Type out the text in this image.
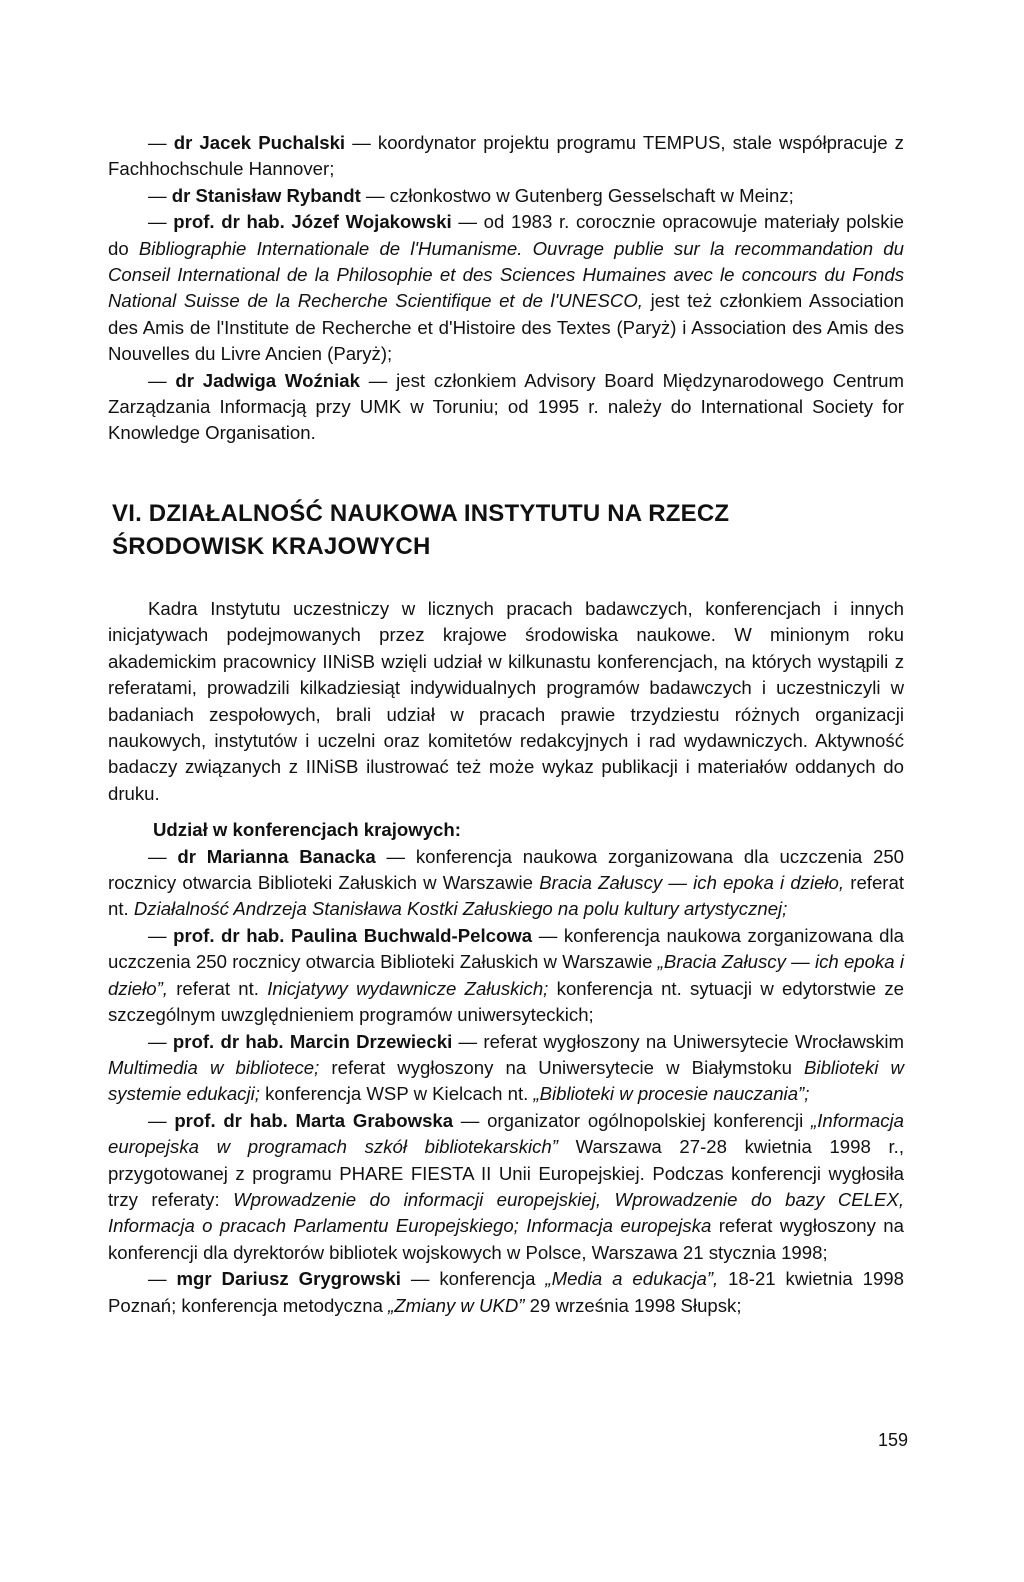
— dr Jacek Puchalski — koordynator projektu programu TEMPUS, stale współpracuje z Fachhochschule Hannover;

— dr Stanisław Rybandt — członkostwo w Gutenberg Gesselschaft w Meinz;

— prof. dr hab. Józef Wojakowski — od 1983 r. corocznie opracowuje materiały polskie do Bibliographie Internationale de l'Humanisme. Ouvrage publie sur la recommandation du Conseil International de la Philosophie et des Sciences Humaines avec le concours du Fonds National Suisse de la Recherche Scientifique et de l'UNESCO, jest też członkiem Association des Amis de l'Institute de Recherche et d'Histoire des Textes (Paryż) i Association des Amis des Nouvelles du Livre Ancien (Paryż);

— dr Jadwiga Woźniak — jest członkiem Advisory Board Międzynarodowego Centrum Zarządzania Informacją przy UMK w Toruniu; od 1995 r. należy do International Society for Knowledge Organisation.

VI. DZIAŁALNOŚĆ NAUKOWA INSTYTUTU NA RZECZ
ŚRODOWISK KRAJOWYCH

Kadra Instytutu uczestniczy w licznych pracach badawczych, konferencjach i innych inicjatywach podejmowanych przez krajowe środowiska naukowe. W minionym roku akademickim pracownicy IINiSB wzięli udział w kilkunastu konferencjach, na których wystąpili z referatami, prowadzili kilkadziesiąt indywidualnych programów badawczych i uczestniczyli w badaniach zespołowych, brali udział w pracach prawie trzydziestu różnych organizacji naukowych, instytutów i uczelni oraz komitetów redakcyjnych i rad wydawniczych. Aktywność badaczy związanych z IINiSB ilustrować też może wykaz publikacji i materiałów oddanych do druku.

Udział w konferencjach krajowych:

— dr Marianna Banacka — konferencja naukowa zorganizowana dla uczczenia 250 rocznicy otwarcia Biblioteki Załuskich w Warszawie Bracia Załuscy — ich epoka i dzieło, referat nt. Działalność Andrzeja Stanisława Kostki Załuskiego na polu kultury artystycznej;

— prof. dr hab. Paulina Buchwald-Pelcowa — konferencja naukowa zorganizowana dla uczczenia 250 rocznicy otwarcia Biblioteki Załuskich w Warszawie „Bracia Załuscy — ich epoka i dzieło”, referat nt. Inicjatywy wydawnicze Załuskich; konferencja nt. sytuacji w edytorstwie ze szczególnym uwzględnieniem programów uniwersyteckich;

— prof. dr hab. Marcin Drzewiecki — referat wygłoszony na Uniwersytecie Wrocławskim Multimedia w bibliotece; referat wygłoszony na Uniwersytecie w Białymstoku Biblioteki w systemie edukacji; konferencja WSP w Kielcach nt. „Biblioteki w procesie nauczania”;

— prof. dr hab. Marta Grabowska — organizator ogólnopolskiej konferencji „Informacja europejska w programach szkół bibliotekarskich” Warszawa 27-28 kwietnia 1998 r., przygotowanej z programu PHARE FIESTA II Unii Europejskiej. Podczas konferencji wygłosiła trzy referaty: Wprowadzenie do informacji europejskiej, Wprowadzenie do bazy CELEX, Informacja o pracach Parlamentu Europejskiego; Informacja europejska referat wygłoszony na konferencji dla dyrektorów bibliotek wojskowych w Polsce, Warszawa 21 stycznia 1998;

— mgr Dariusz Grygrowski — konferencja „Media a edukacja”, 18-21 kwietnia 1998 Poznań; konferencja metodyczna „Zmiany w UKD” 29 września 1998 Słupsk;

159
